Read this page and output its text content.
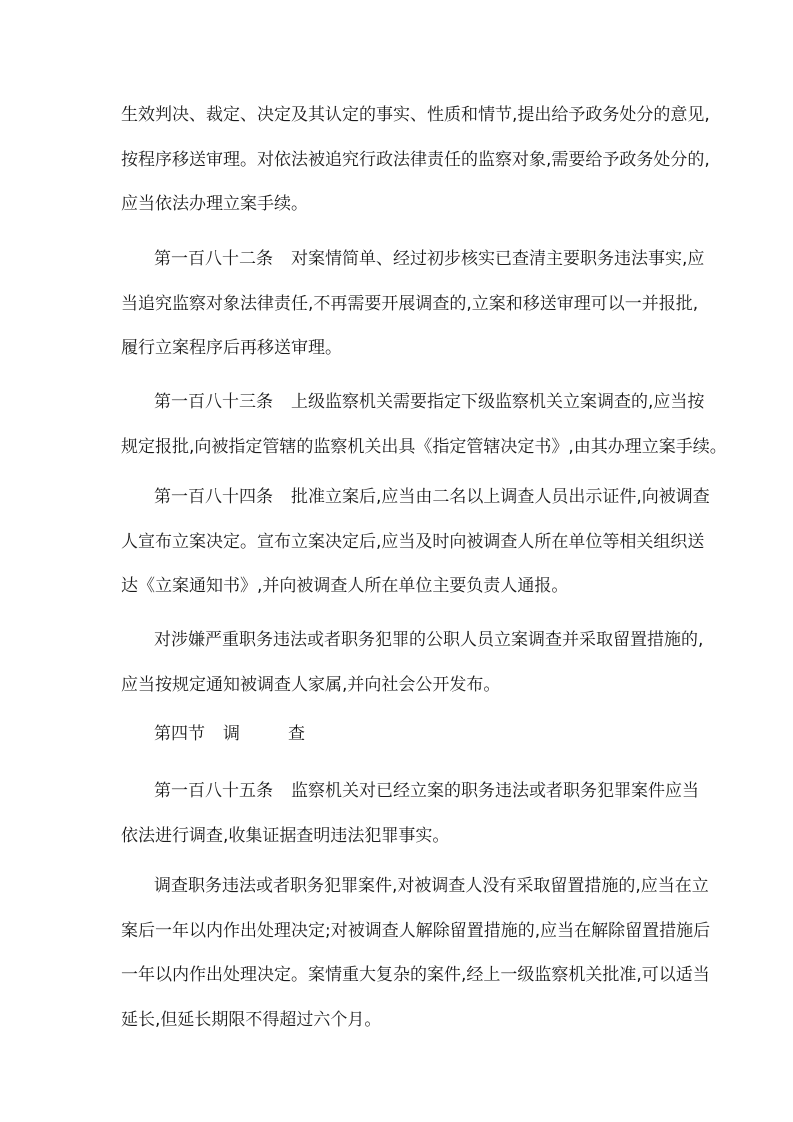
生效判决、裁定、决定及其认定的事实、性质和情节,提出给予政务处分的意见,
按程序移送审理。对依法被追究行政法律责任的监察对象,需要给予政务处分的,
应当依法办理立案手续。
第一百八十二条 对案情简单、经过初步核实已查清主要职务违法事实,应
当追究监察对象法律责任,不再需要开展调查的,立案和移送审理可以一并报批,
履行立案程序后再移送审理。
第一百八十三条 上级监察机关需要指定下级监察机关立案调查的,应当按
规定报批,向被指定管辖的监察机关出具《指定管辖决定书》,由其办理立案手续。
第一百八十四条 批准立案后,应当由二名以上调查人员出示证件,向被调查
人宣布立案决定。宣布立案决定后,应当及时向被调查人所在单位等相关组织送
达《立案通知书》,并向被调查人所在单位主要负责人通报。
对涉嫌严重职务违法或者职务犯罪的公职人员立案调查并采取留置措施的,
应当按规定通知被调查人家属,并向社会公开发布。
第四节 调	查
第一百八十五条 监察机关对已经立案的职务违法或者职务犯罪案件应当
依法进行调查,收集证据查明违法犯罪事实。
调查职务违法或者职务犯罪案件,对被调查人没有采取留置措施的,应当在立
案后一年以内作出处理决定;对被调查人解除留置措施的,应当在解除留置措施后
一年以内作出处理决定。案情重大复杂的案件,经上一级监察机关批准,可以适当
延长,但延长期限不得超过六个月。
